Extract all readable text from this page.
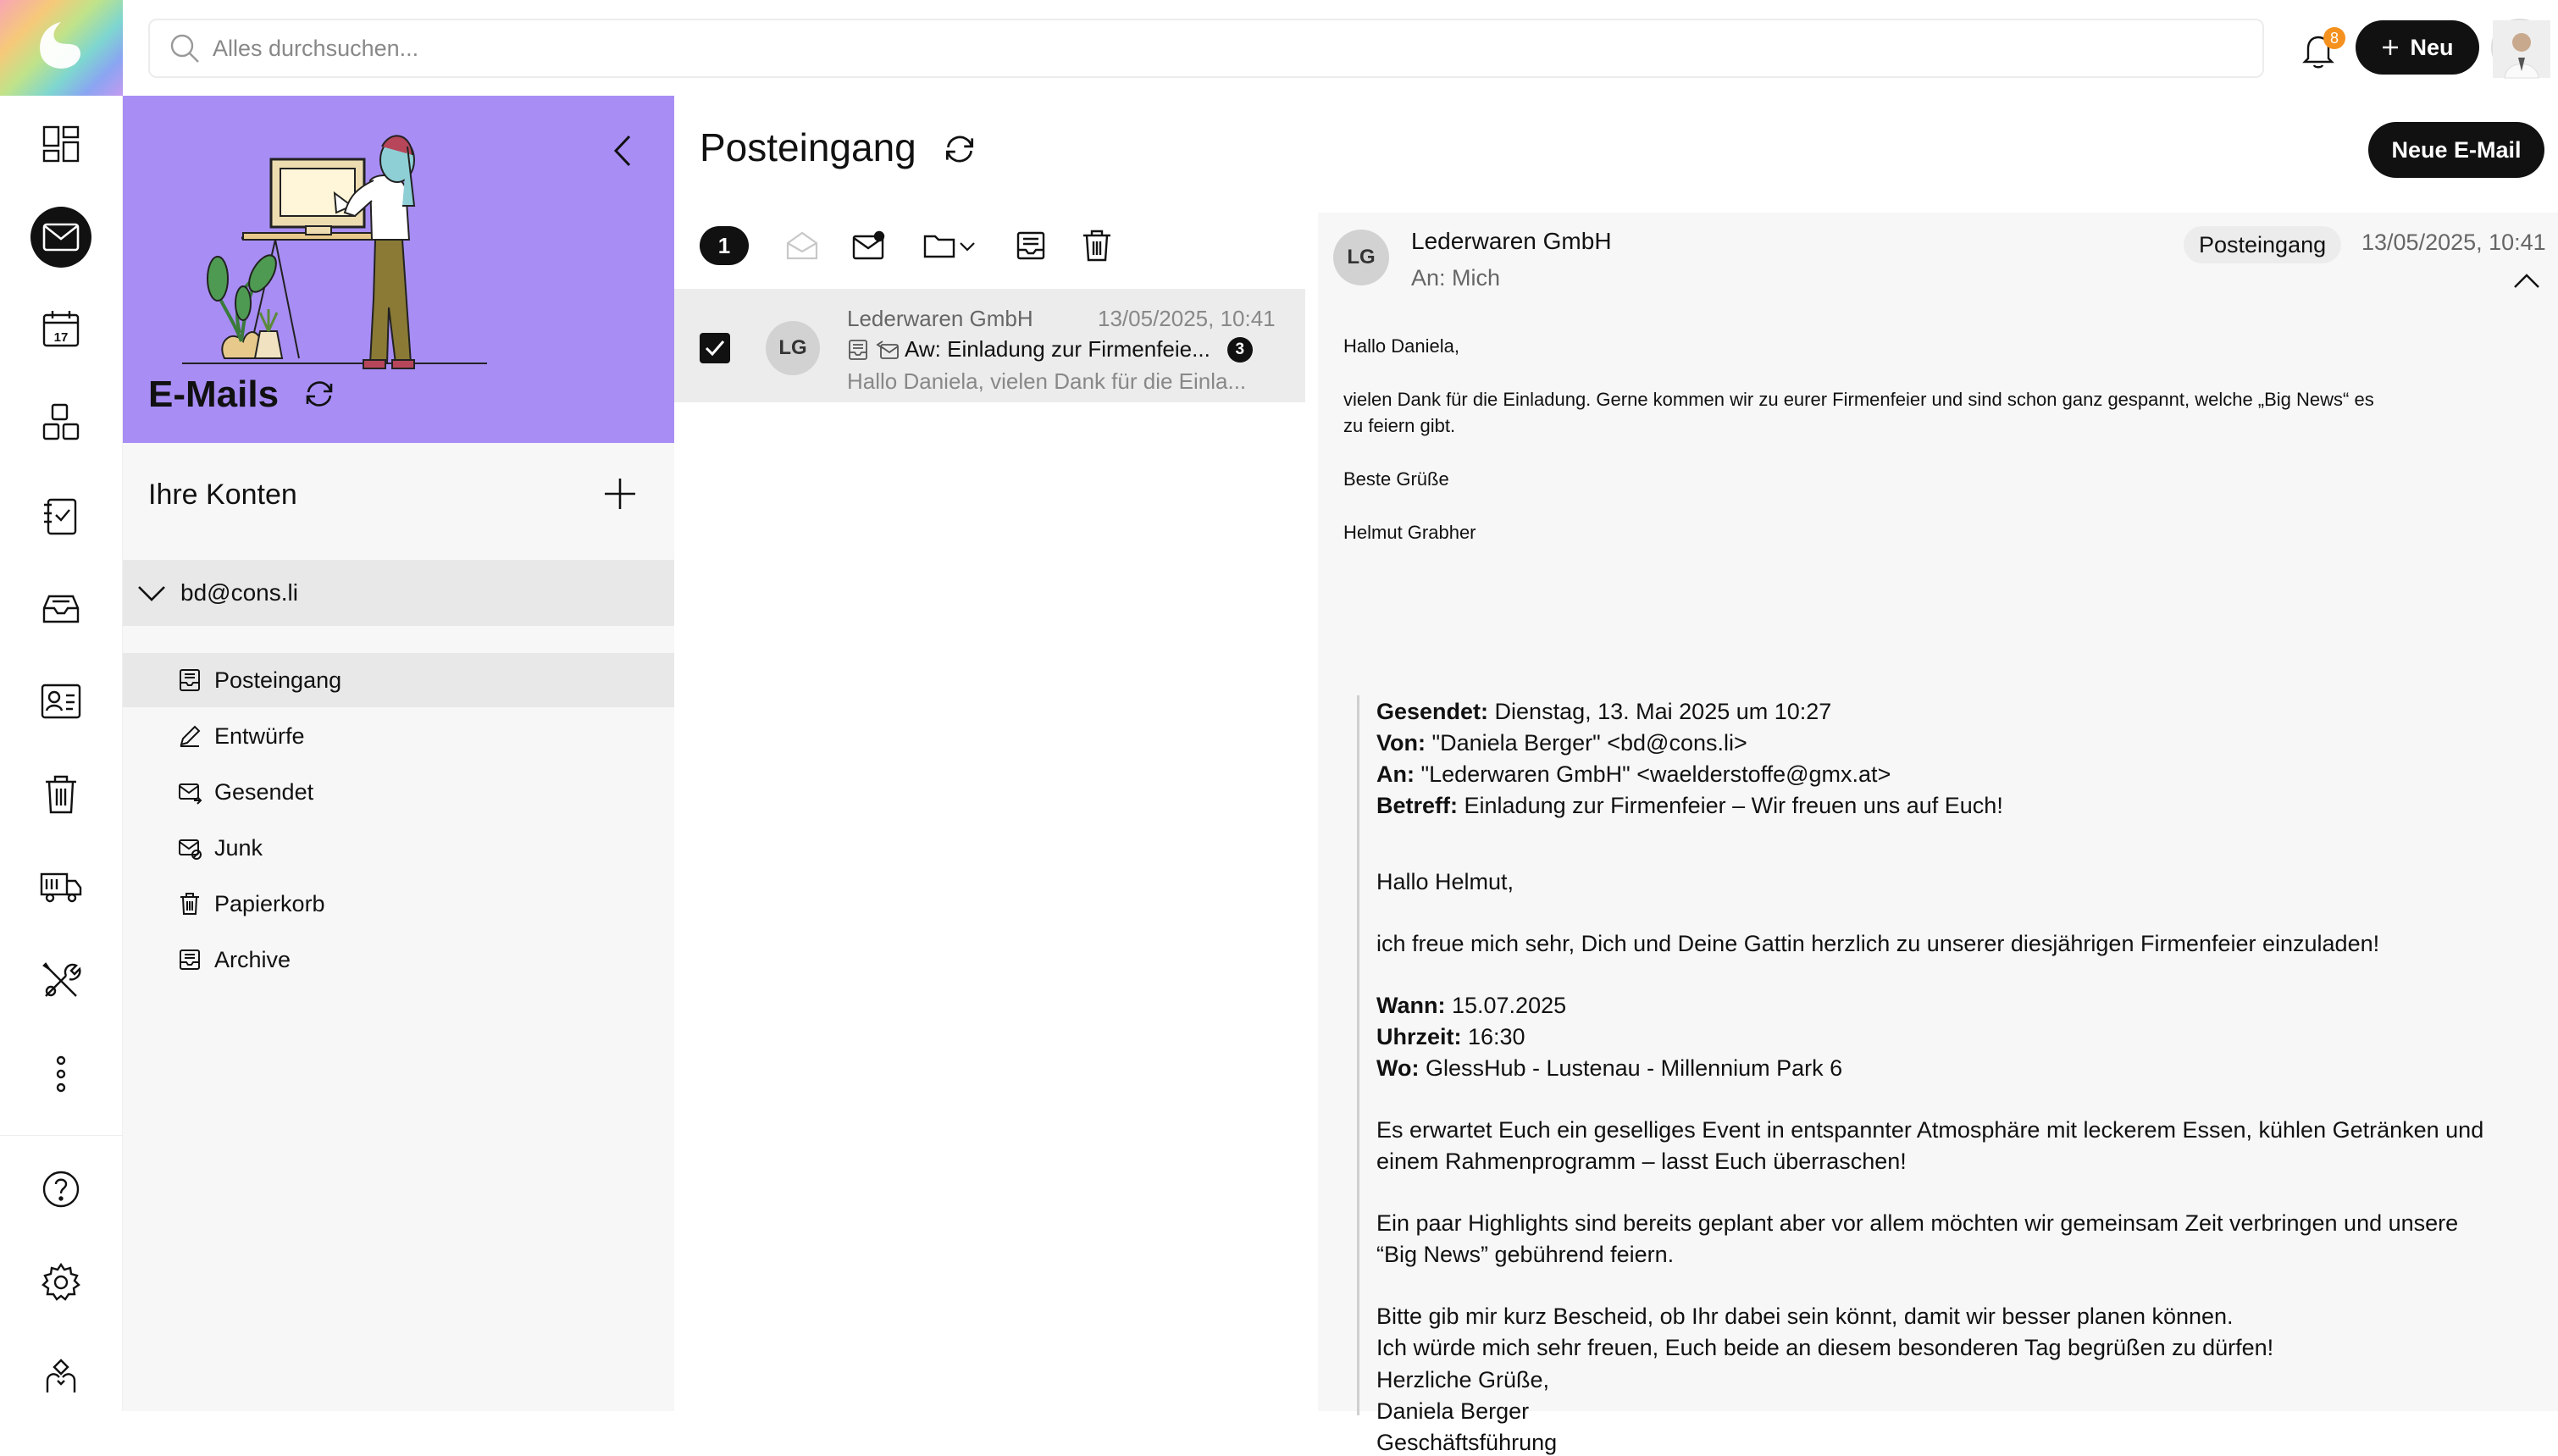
17
Alles durchsuchen...
8	Neu
E-Mails
Ihre Konten
bd@cons.li
Posteingang
Entwürfe
Gesendet
Junk
Papierkorb
Archive
Posteingang
1
LG
Lederwaren GmbH	13/05/2025, 10:41
Aw: Einladung zur Firmenfeie...	3
Hallo Daniela, vielen Dank für die Einla...
Neue E-Mail
LG
Lederwaren GmbH
An: Mich
Posteingang	13/05/2025, 10:41
Hallo Daniela,
vielen Dank für die Einladung. Gerne kommen wir zu eurer Firmenfeier und sind schon ganz gespannt, welche „Big News“ es
zu feiern gibt.
Beste Grüße
Helmut Grabher
Gesendet: Dienstag, 13. Mai 2025 um 10:27
Von: "Daniela Berger" <bd@cons.li>
An: "Lederwaren GmbH" <waelderstoffe@gmx.at>
Betreff: Einladung zur Firmenfeier – Wir freuen uns auf Euch!
Hallo Helmut,
ich freue mich sehr, Dich und Deine Gattin herzlich zu unserer diesjährigen Firmenfeier einzuladen!
Wann: 15.07.2025
Uhrzeit: 16:30
Wo: GlessHub - Lustenau - Millennium Park 6
Es erwartet Euch ein geselliges Event in entspannter Atmosphäre mit leckerem Essen, kühlen Getränken und
einem Rahmenprogramm – lasst Euch überraschen!
Ein paar Highlights sind bereits geplant aber vor allem möchten wir gemeinsam Zeit verbringen und unsere
“Big News” gebührend feiern.
Bitte gib mir kurz Bescheid, ob Ihr dabei sein könnt, damit wir besser planen können.
Ich würde mich sehr freuen, Euch beide an diesem besonderen Tag begrüßen zu dürfen!
Herzliche Grüße,
Daniela Berger
Geschäftsführung
